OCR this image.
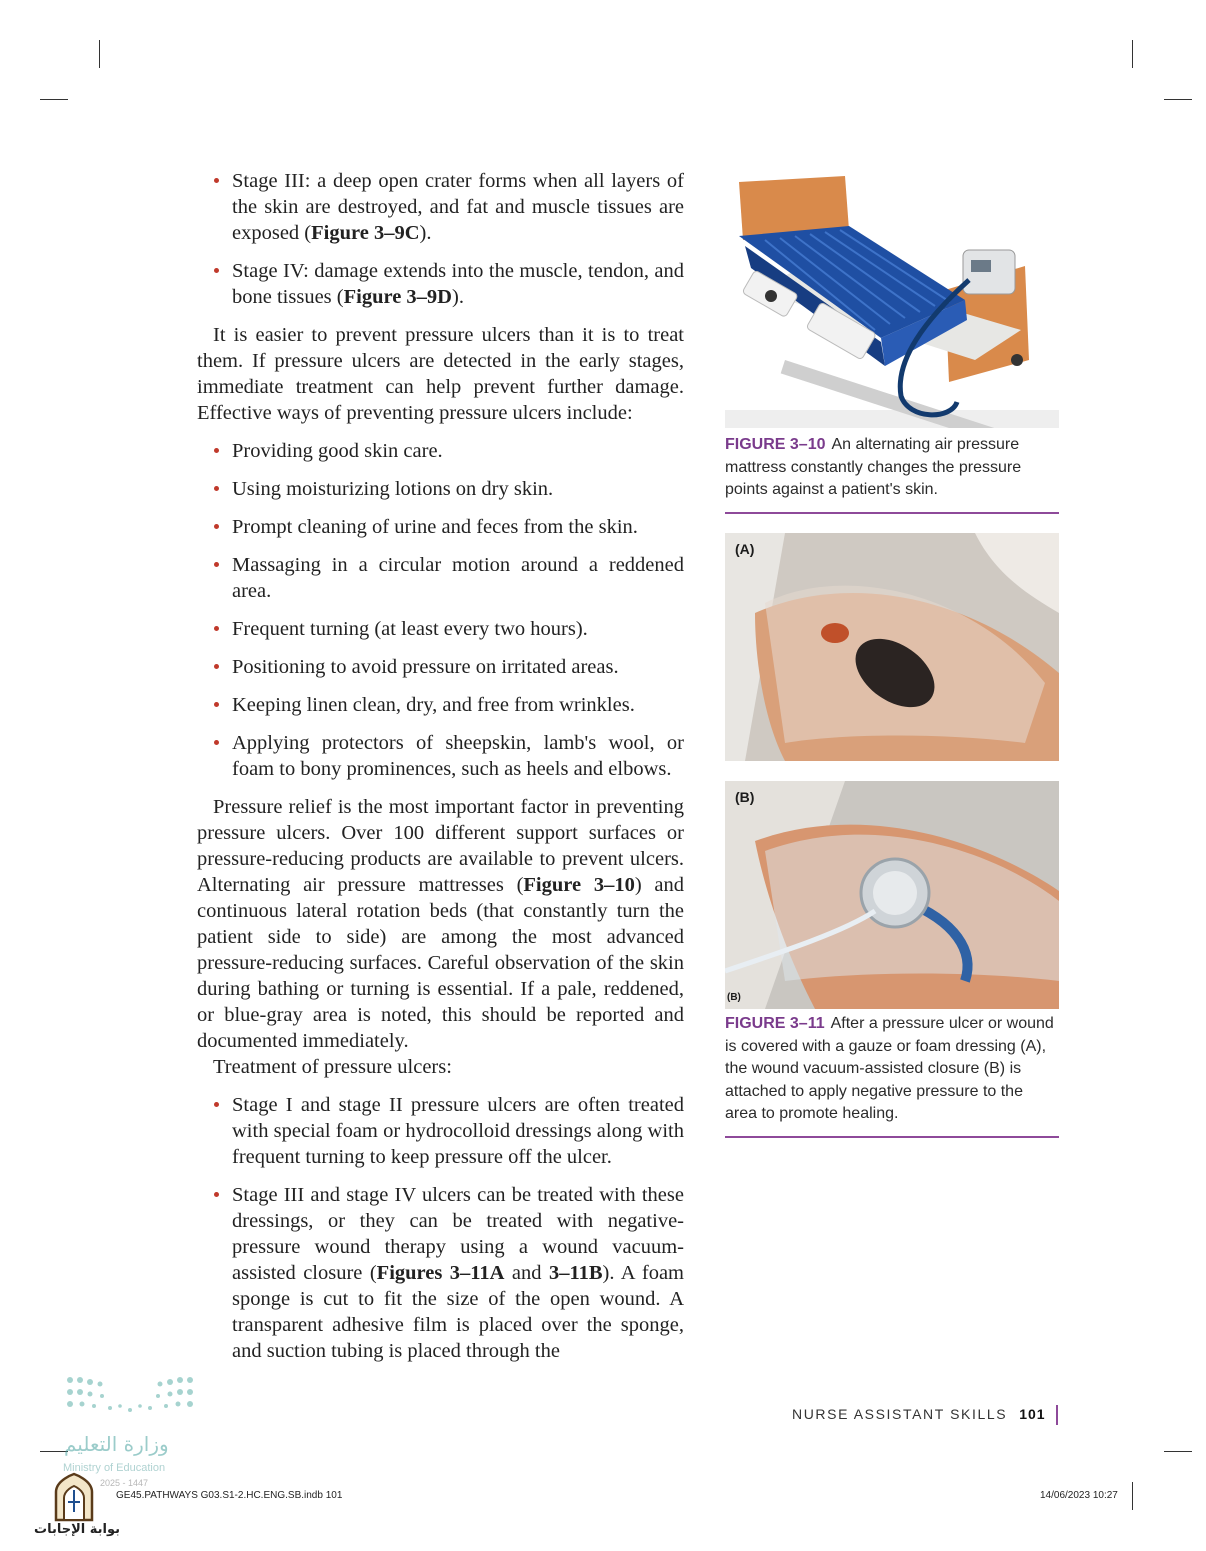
Stage III: a deep open crater forms when all layers of the skin are destroyed, and fat and muscle tissues are exposed (Figure 3–9C).
Stage IV: damage extends into the muscle, tendon, and bone tissues (Figure 3–9D).

It is easier to prevent pressure ulcers than it is to treat them. If pressure ulcers are detected in the early stages, immediate treatment can help prevent further damage. Effective ways of preventing pressure ulcers include:

Providing good skin care.
Using moisturizing lotions on dry skin.
Prompt cleaning of urine and feces from the skin.
Massaging in a circular motion around a reddened area.
Frequent turning (at least every two hours).
Positioning to avoid pressure on irritated areas.
Keeping linen clean, dry, and free from wrinkles.
Applying protectors of sheepskin, lamb's wool, or foam to bony prominences, such as heels and elbows.

Pressure relief is the most important factor in preventing pressure ulcers. Over 100 different support surfaces or pressure-reducing products are available to prevent ulcers. Alternating air pressure mattresses (Figure 3–10) and continuous lateral rotation beds (that constantly turn the patient side to side) are among the most advanced pressure-reducing surfaces. Careful observation of the skin during bathing or turning is essential. If a pale, reddened, or blue-gray area is noted, this should be reported and documented immediately.

Treatment of pressure ulcers:

Stage I and stage II pressure ulcers are often treated with special foam or hydrocolloid dressings along with frequent turning to keep pressure off the ulcer.
Stage III and stage IV ulcers can be treated with these dressings, or they can be treated with negative-pressure wound therapy using a wound vacuum-assisted closure (Figures 3–11A and 3–11B). A foam sponge is cut to fit the size of the open wound. A transparent adhesive film is placed over the sponge, and suction tubing is placed through the
FIGURE 3–10 An alternating air pressure mattress constantly changes the pressure points against a patient's skin.
(A)
(B)
(B)
FIGURE 3–11 After a pressure ulcer or wound is covered with a gauze or foam dressing (A), the wound vacuum-assisted closure (B) is attached to apply negative pressure to the area to promote healing.
NURSE ASSISTANT SKILLS 101
GE45.PATHWAYS G03.S1-2.HC.ENG.SB.indb 101	14/06/2023 10:27
وزارة التعليم
Ministry of Education
2025 - 1447
بوابة الإجابات
